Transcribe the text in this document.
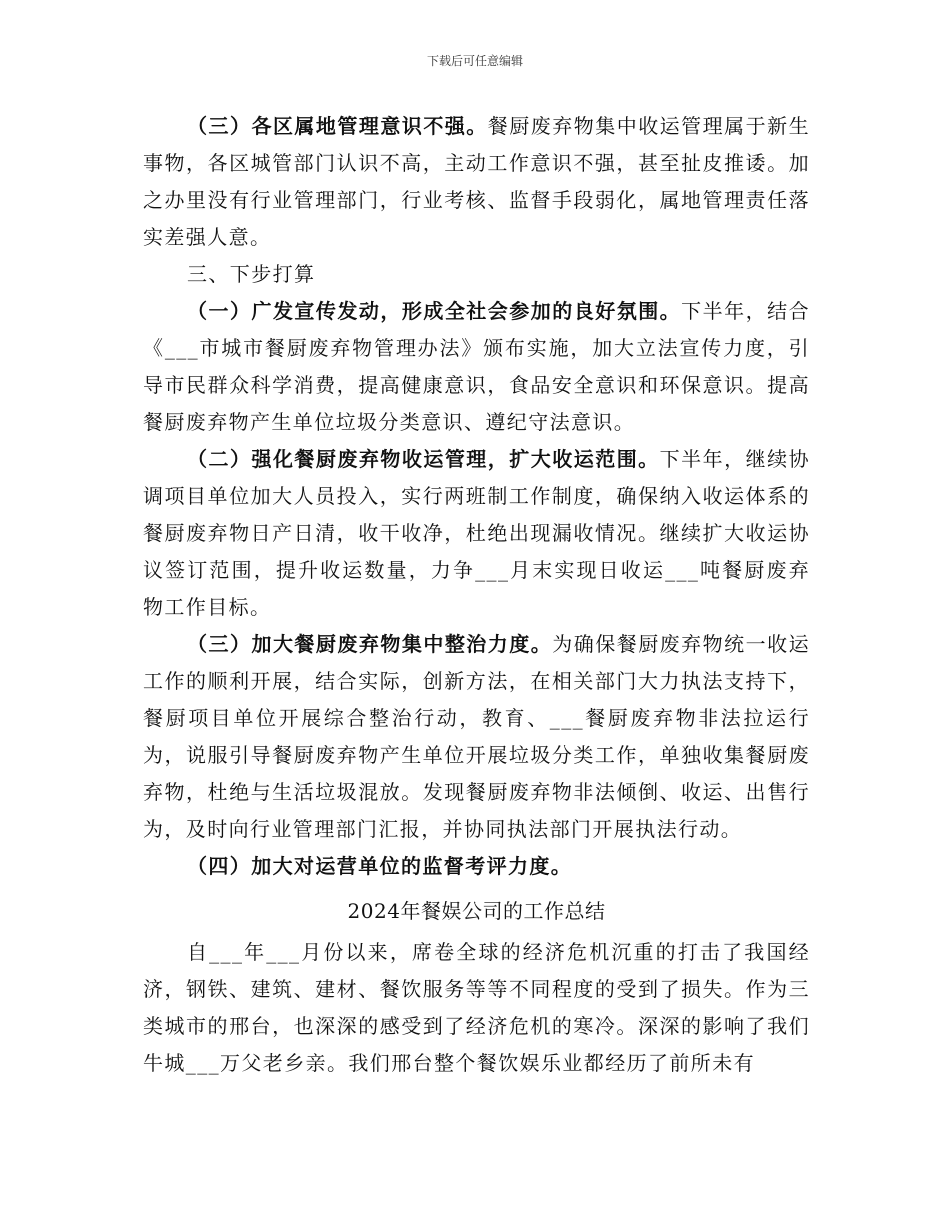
下载后可任意编辑

（三）各区属地管理意识不强。餐厨废弃物集中收运管理属于新生事物，各区城管部门认识不高，主动工作意识不强，甚至扯皮推诿。加之办里没有行业管理部门，行业考核、监督手段弱化，属地管理责任落实差强人意。

三、下步打算

（一）广发宣传发动，形成全社会参加的良好氛围。下半年，结合《___市城市餐厨废弃物管理办法》颁布实施，加大立法宣传力度，引导市民群众科学消费，提高健康意识，食品安全意识和环保意识。提高餐厨废弃物产生单位垃圾分类意识、遵纪守法意识。

（二）强化餐厨废弃物收运管理，扩大收运范围。下半年，继续协调项目单位加大人员投入，实行两班制工作制度，确保纳入收运体系的餐厨废弃物日产日清，收干收净，杜绝出现漏收情况。继续扩大收运协议签订范围，提升收运数量，力争___月末实现日收运___吨餐厨废弃物工作目标。

（三）加大餐厨废弃物集中整治力度。为确保餐厨废弃物统一收运工作的顺利开展，结合实际，创新方法，在相关部门大力执法支持下，餐厨项目单位开展综合整治行动，教育、___餐厨废弃物非法拉运行为，说服引导餐厨废弃物产生单位开展垃圾分类工作，单独收集餐厨废弃物，杜绝与生活垃圾混放。发现餐厨废弃物非法倾倒、收运、出售行为，及时向行业管理部门汇报，并协同执法部门开展执法行动。

（四）加大对运营单位的监督考评力度。

2024年餐娱公司的工作总结

自___年___月份以来，席卷全球的经济危机沉重的打击了我国经济，钢铁、建筑、建材、餐饮服务等等不同程度的受到了损失。作为三类城市的邢台，也深深的感受到了经济危机的寒冷。深深的影响了我们牛城___万父老乡亲。我们邢台整个餐饮娱乐业都经历了前所未有
